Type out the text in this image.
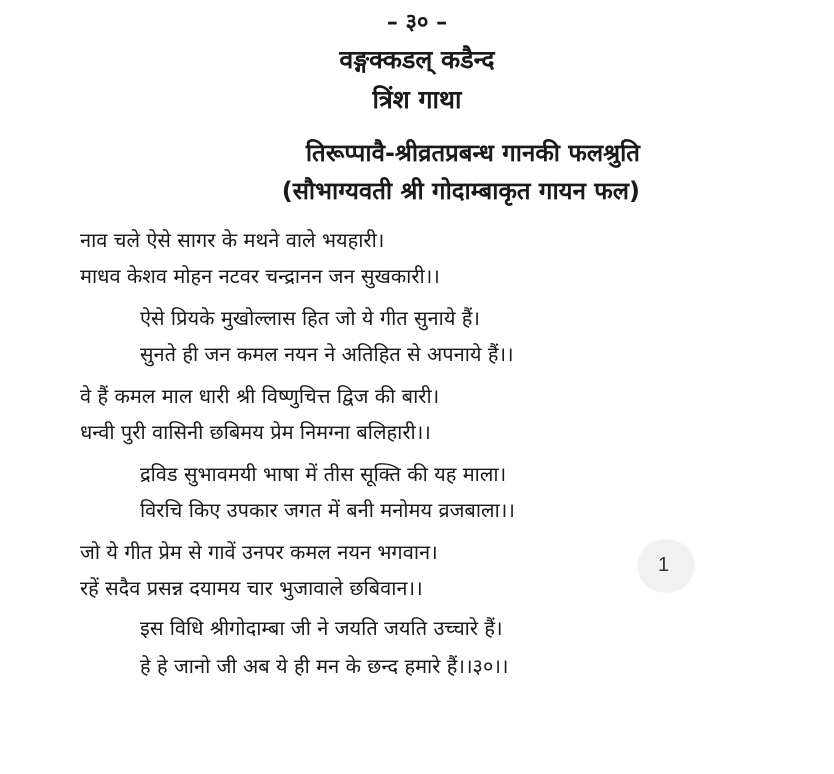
– ३० –
वङ्गक्कडल् कडैन्द
त्रिंश गाथा
तिरूप्पावै-श्रीव्रतप्रबन्ध गानकी फलश्रुति
(सौभाग्यवती श्री गोदाम्बाकृत गायन फल)
नाव चले ऐसे सागर के मथने वाले भयहारी।
माधव केशव मोहन नटवर चन्द्रानन जन सुखकारी।।
ऐसे प्रियके मुखोल्लास हित जो ये गीत सुनाये हैं।
सुनते ही जन कमल नयन ने अतिहित से अपनाये हैं।।
वे हैं कमल माल धारी श्री विष्णुचित्त द्विज की बारी।
धन्वी पुरी वासिनी छबिमय प्रेम निमग्ना बलिहारी।।
द्रविड सुभावमयी भाषा में तीस सूक्ति की यह माला।
विरचि किए उपकार जगत में बनी मनोमय व्रजबाला।।
जो ये गीत प्रेम से गावें उनपर कमल नयन भगवान।
रहें सदैव प्रसन्न दयामय चार भुजावाले छबिवान।।
इस विधि श्रीगोदाम्बा जी ने जयति जयति उच्चारे हैं।
हे हे जानो जी अब ये ही मन के छन्द हमारे हैं।।३०।।
1
